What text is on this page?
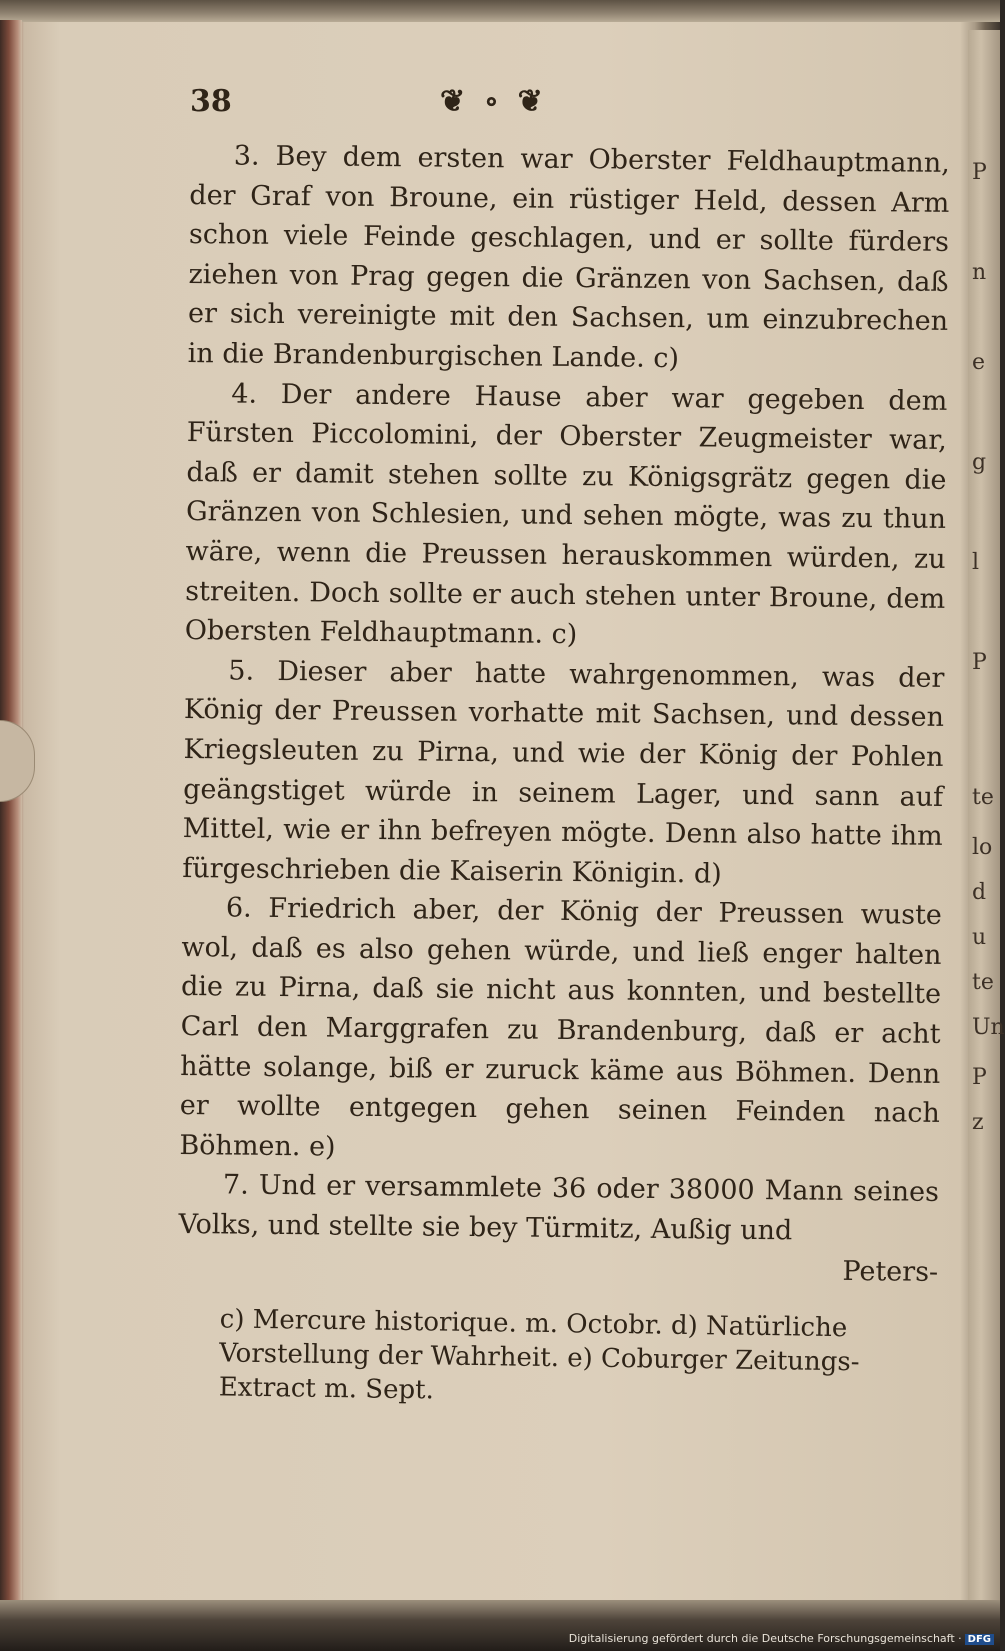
P
n
e
g
l
P
te
lo
d
u
te
Un
P
z
38	❦ ∘ ❦

3. Bey dem ersten war Oberster Feldhauptmann, der Graf von Broune, ein rüstiger Held, dessen Arm schon viele Feinde geschlagen, und er sollte fürders ziehen von Prag gegen die Gränzen von Sachsen, daß er sich vereinigte mit den Sachsen, um einzubrechen in die Brandenburgischen Lande. c)

4. Der andere Hause aber war gegeben dem Fürsten Piccolomini, der Oberster Zeugmeister war, daß er damit stehen sollte zu Königsgrätz gegen die Gränzen von Schlesien, und sehen mögte, was zu thun wäre, wenn die Preussen herauskommen würden, zu streiten. Doch sollte er auch stehen unter Broune, dem Obersten Feldhauptmann. c)

5. Dieser aber hatte wahrgenommen, was der König der Preussen vorhatte mit Sachsen, und dessen Kriegsleuten zu Pirna, und wie der König der Pohlen geängstiget würde in seinem Lager, und sann auf Mittel, wie er ihn befreyen mögte. Denn also hatte ihm fürgeschrieben die Kaiserin Königin. d)

6. Friedrich aber, der König der Preussen wuste wol, daß es also gehen würde, und ließ enger halten die zu Pirna, daß sie nicht aus konnten, und bestellte Carl den Marggrafen zu Brandenburg, daß er acht hätte solange, biß er zuruck käme aus Böhmen. Denn er wollte entgegen gehen seinen Feinden nach Böhmen. e)

7. Und er versammlete 36 oder 38000 Mann seines Volks, und stellte sie bey Türmitz, Außig und

Peters-

c) Mercure historique. m. Octobr. d) Natürliche Vorstellung der Wahrheit. e) Coburger Zeitungs-Extract m. Sept.

Digitalisierung gefördert durch die Deutsche Forschungsgemeinschaft · DFG
